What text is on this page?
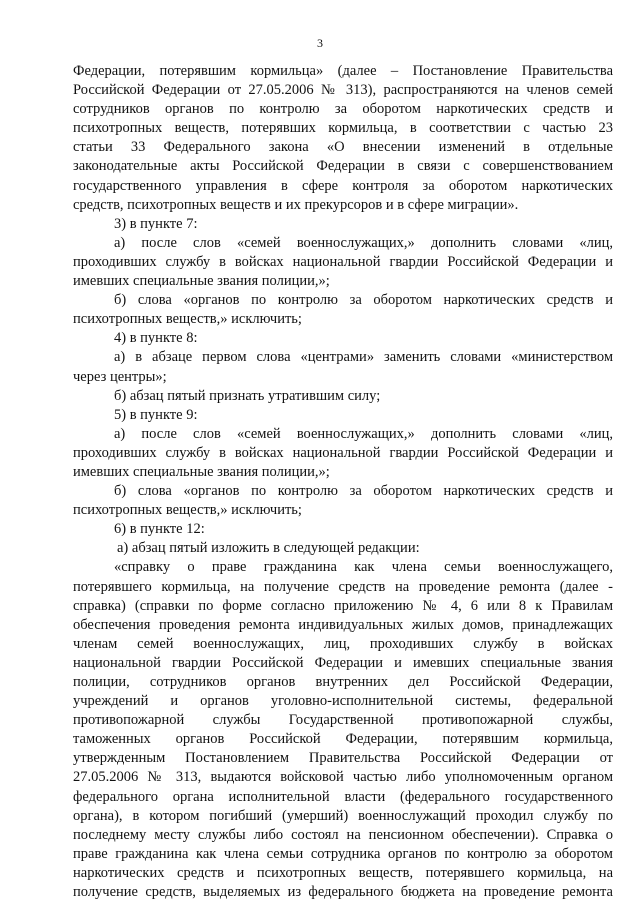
3
Федерации, потерявшим кормильца» (далее – Постановление Правительства
Российской Федерации от 27.05.2006 № 313), распространяются на членов семей
сотрудников органов по контролю за оборотом наркотических средств и
психотропных веществ, потерявших кормильца, в соответствии с частью 23
статьи 33 Федерального закона «О внесении изменений в отдельные
законодательные акты Российской Федерации в связи с совершенствованием
государственного управления в сфере контроля за оборотом наркотических
средств, психотропных веществ и их прекурсоров и в сфере миграции».
3) в пункте 7:
а) после слов «семей военнослужащих,» дополнить словами «лиц,
проходивших службу в войсках национальной гвардии Российской Федерации и
имевших специальные звания полиции,»;
б) слова «органов по контролю за оборотом наркотических средств и
психотропных веществ,» исключить;
4) в пункте 8:
а) в абзаце первом слова «центрами» заменить словами «министерством
через центры»;
б) абзац пятый признать утратившим силу;
5) в пункте 9:
а) после слов «семей военнослужащих,» дополнить словами «лиц,
проходивших службу в войсках национальной гвардии Российской Федерации и
имевших специальные звания полиции,»;
б) слова «органов по контролю за оборотом наркотических средств и
психотропных веществ,» исключить;
6) в пункте 12:
а) абзац пятый изложить в следующей редакции:
«справку о праве гражданина как члена семьи военнослужащего,
потерявшего кормильца, на получение средств на проведение ремонта (далее -
справка) (справки по форме согласно приложению № 4, 6 или 8 к Правилам
обеспечения проведения ремонта индивидуальных жилых домов, принадлежащих
членам семей военнослужащих, лиц, проходивших службу в войсках
национальной гвардии Российской Федерации и имевших специальные звания
полиции, сотрудников органов внутренних дел Российской Федерации,
учреждений и органов уголовно-исполнительной системы, федеральной
противопожарной службы Государственной противопожарной службы,
таможенных органов Российской Федерации, потерявшим кормильца,
утвержденным Постановлением Правительства Российской Федерации от
27.05.2006 № 313, выдаются войсковой частью либо уполномоченным органом
федерального органа исполнительной власти (федерального государственного
органа), в котором погибший (умерший) военнослужащий проходил службу по
последнему месту службы либо состоял на пенсионном обеспечении). Справка о
праве гражданина как члена семьи сотрудника органов по контролю за оборотом
наркотических средств и психотропных веществ, потерявшего кормильца, на
получение средств, выделяемых из федерального бюджета на проведение ремонта
